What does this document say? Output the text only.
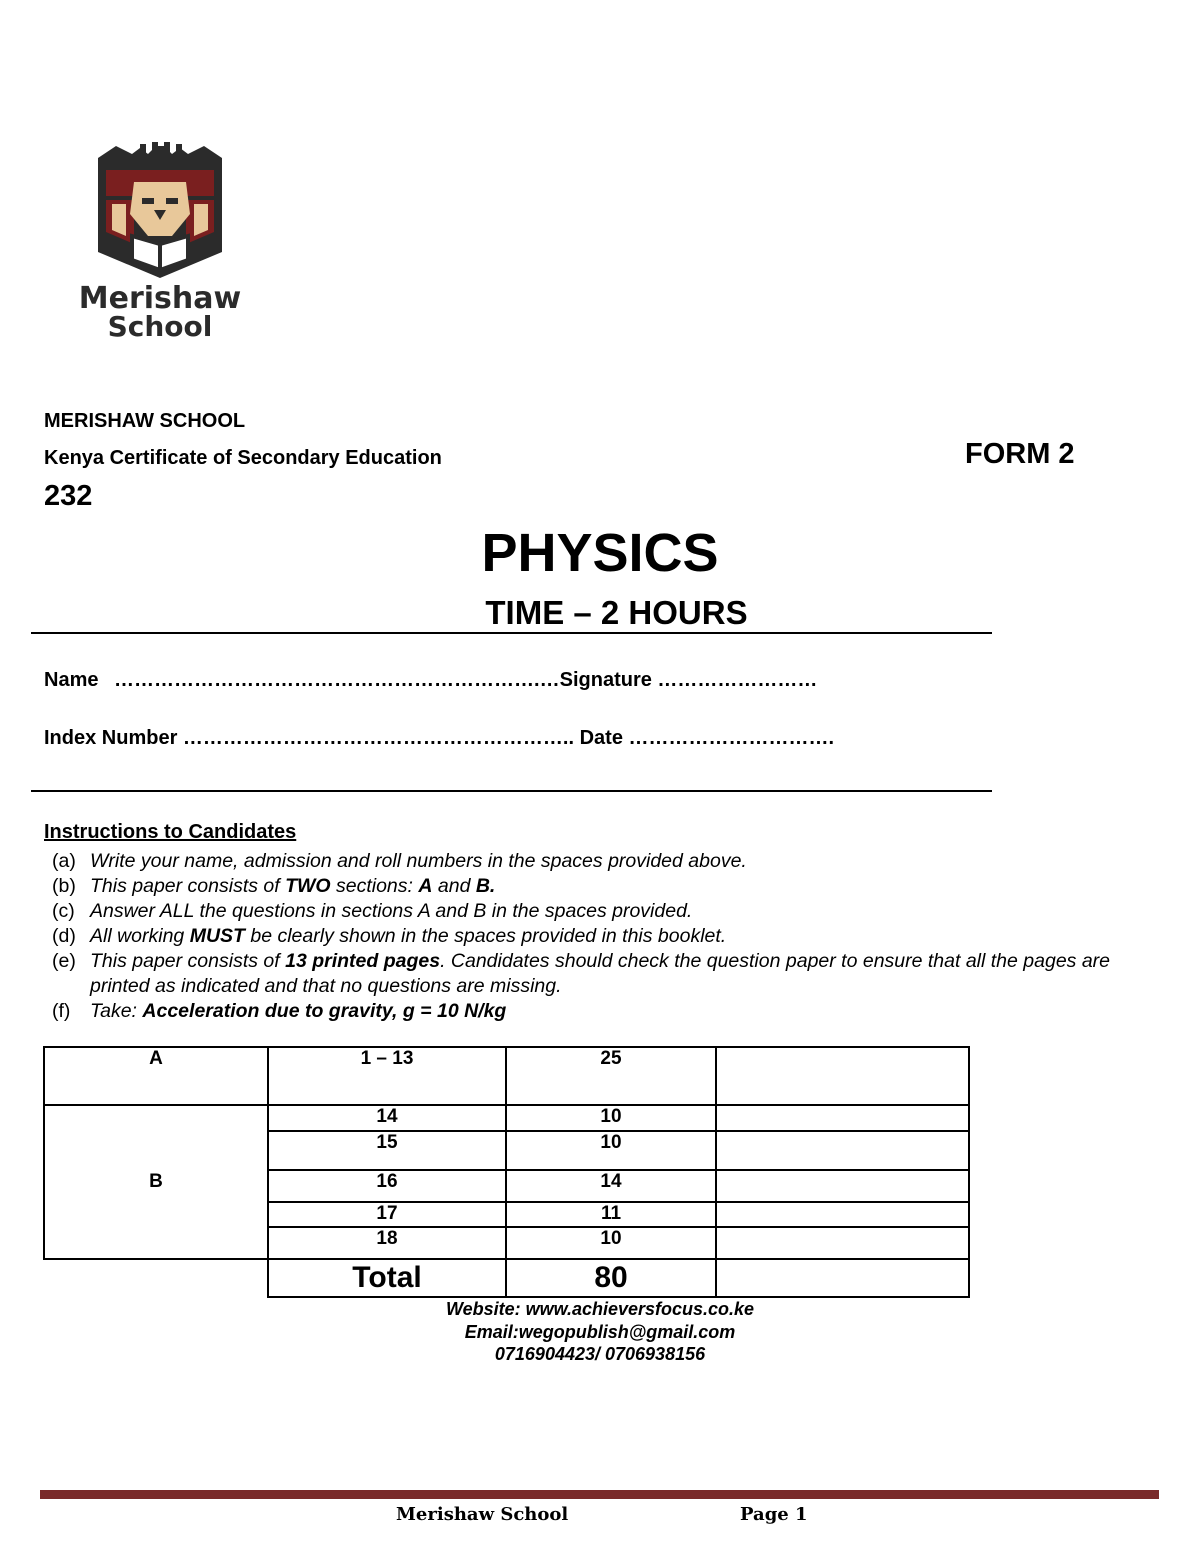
Merishaw
School
MERISHAW SCHOOL
Kenya Certificate of Secondary Education	FORM 2
232
PHYSICS
TIME – 2 HOURS
Name ……………………………………………………….…Signature ……………………
Index Number ………………………………………………….. Date ………………………….
Instructions to Candidates
(a) Write your name, admission and roll numbers in the spaces provided above.
(b) This paper consists of TWO sections: A and B.
(c) Answer ALL the questions in sections A and B in the spaces provided.
(d) All working MUST be clearly shown in the spaces provided in this booklet.
(e) This paper consists of 13 printed pages. Candidates should check the question paper to ensure that all the pages are printed as indicated and that no questions are missing.
(f)	Take: Acceleration due to gravity, g = 10 N/kg
A	1 – 13	25	
B	14	10	
	15	10	
	16	14	
	17	11	
	18	10	
	Total	80	
Website: www.achieversfocus.co.ke
Email:wegopublish@gmail.com
0716904423/ 0706938156
Merishaw School	Page 1
